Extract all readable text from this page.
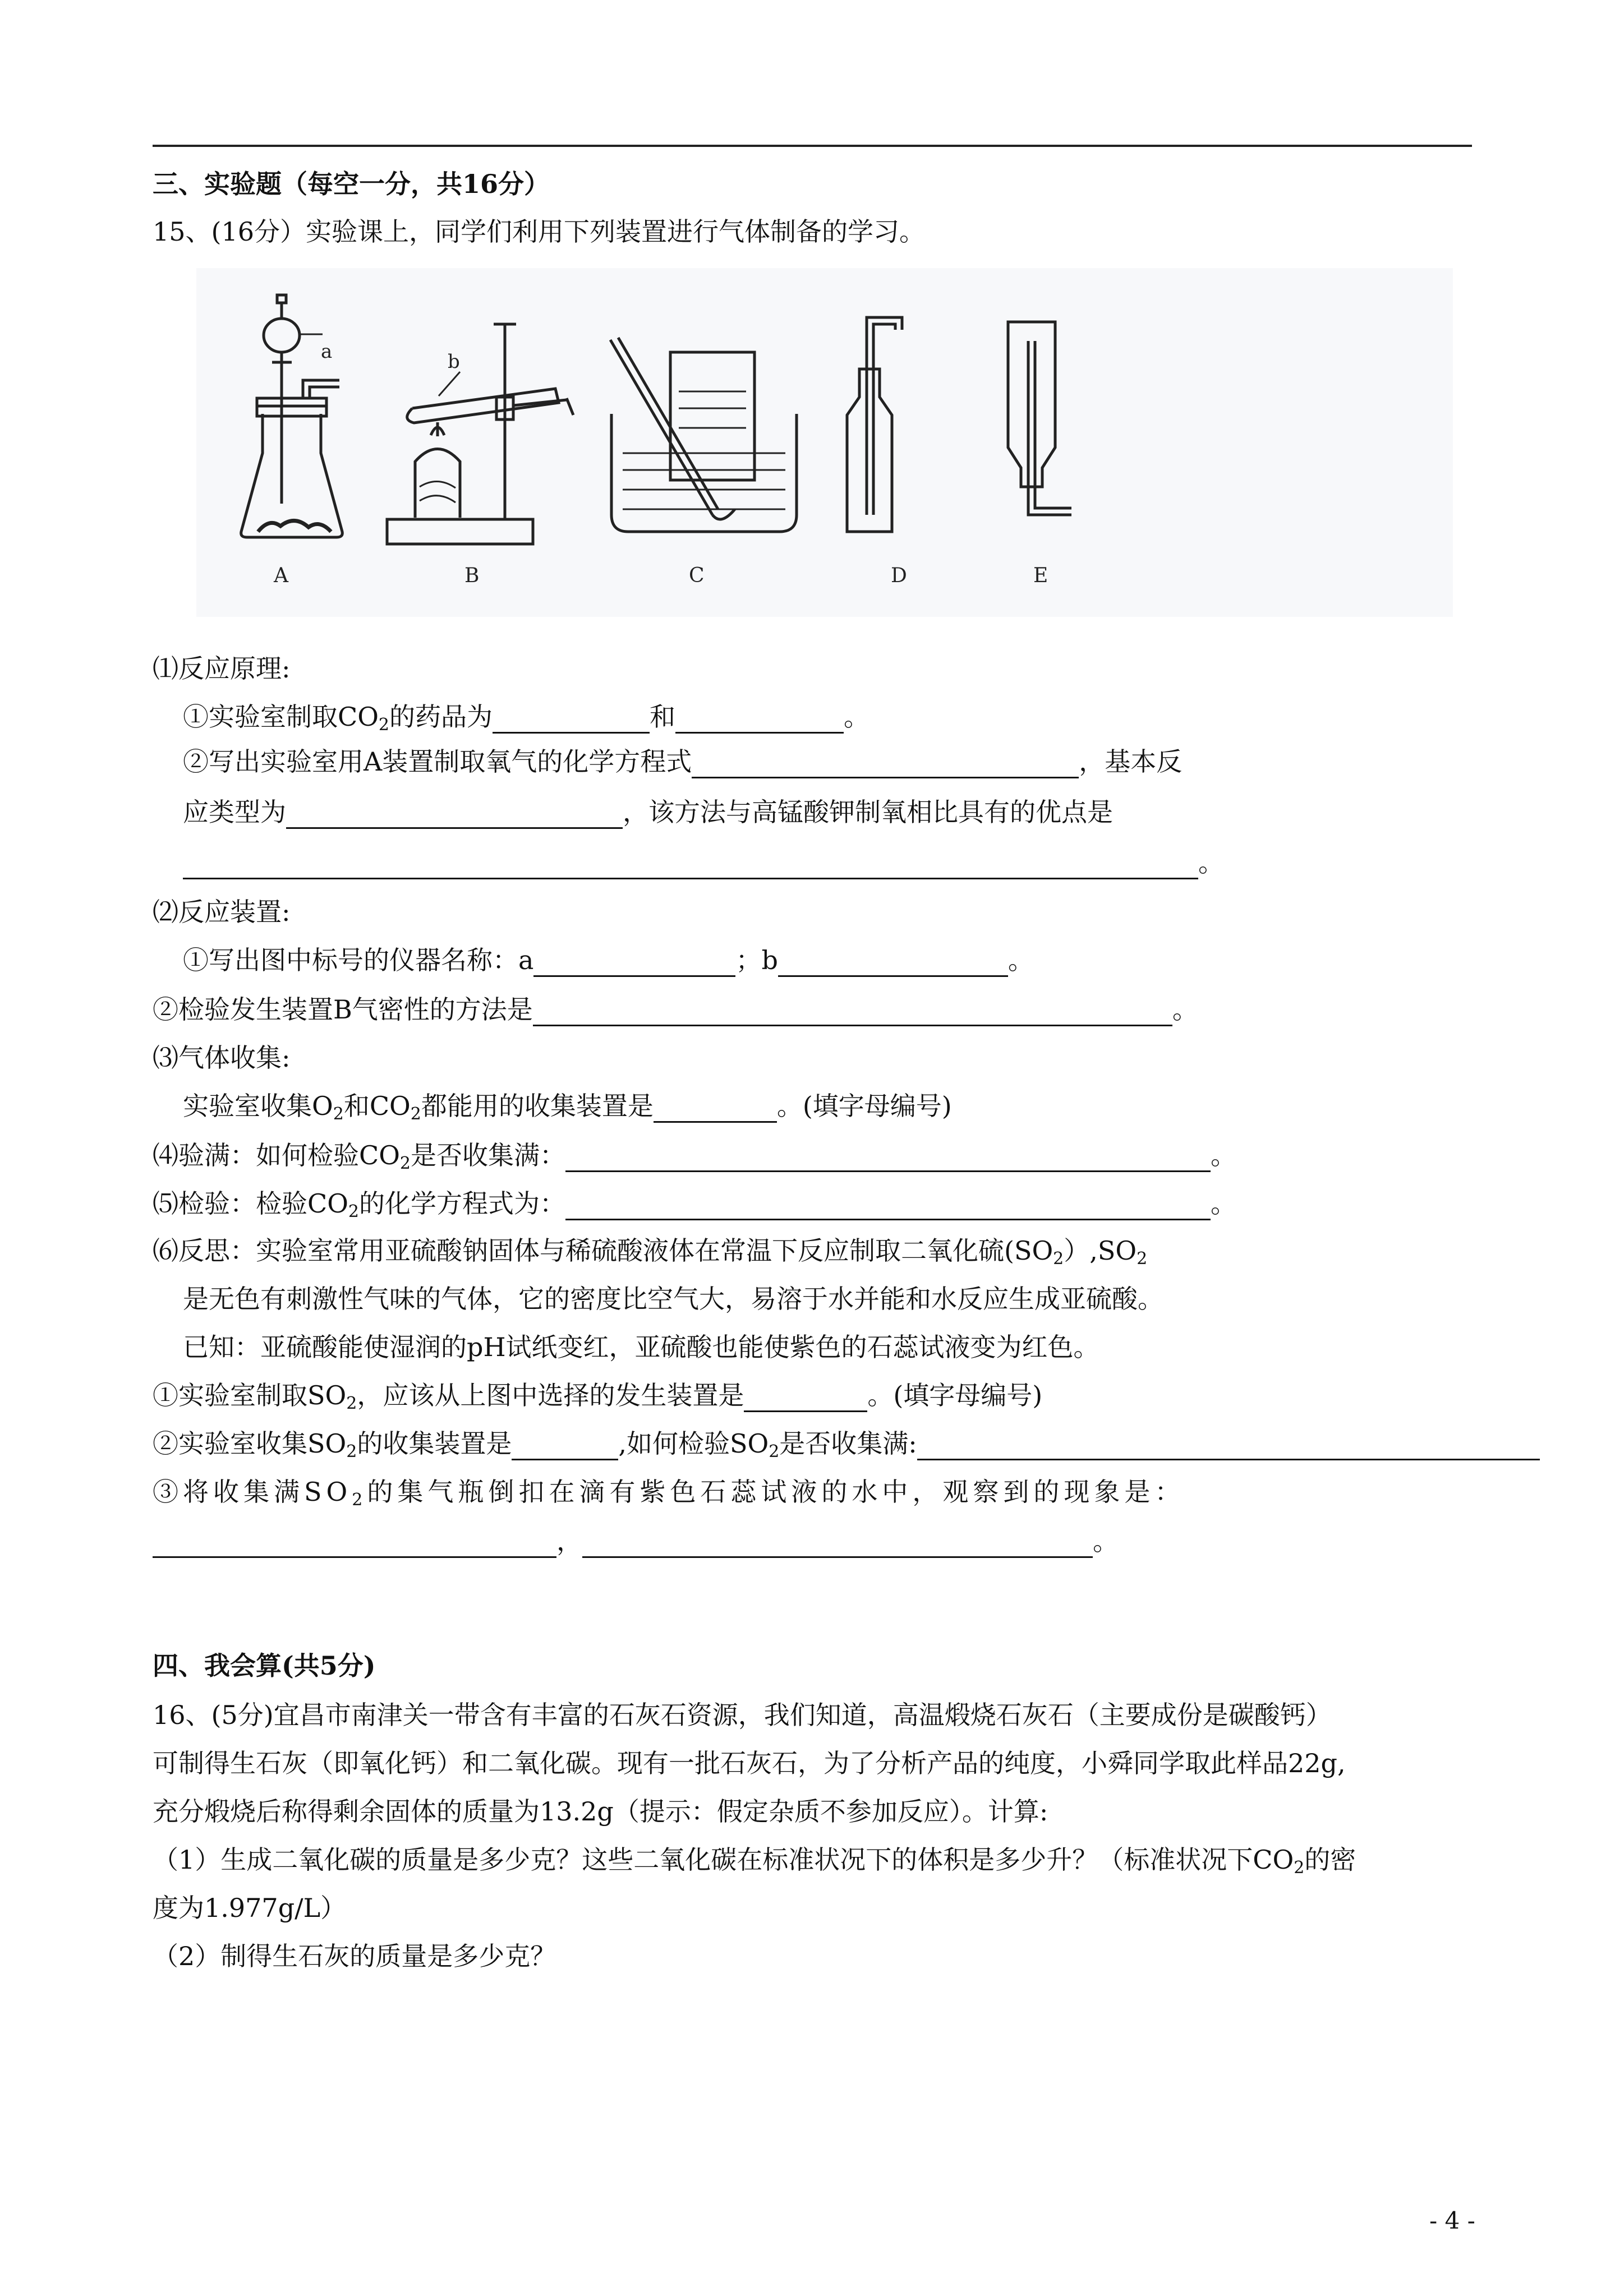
三、实验题（每空一分，共16分）
15、(16分）实验课上，同学们利用下列装置进行气体制备的学习。
a	b
A	B	C	D	E
⑴反应原理:
①实验室制取$CO_2$的药品为	和	。
②写出实验室用A装置制取氧气的化学方程式	，基本反
应类型为	，该方法与高锰酸钾制氧相比具有的优点是
。
⑵反应装置:
①写出图中标号的仪器名称：a	；b	。
②检验发生装置B气密性的方法是	。
⑶气体收集:
实验室收集$O_2$和$CO_2$都能用的收集装置是	。(填字母编号)
⑷验满：如何检验$CO_2$是否收集满：	。
⑸检验：检验$CO_2$的化学方程式为：	。
⑹反思：实验室常用亚硫酸钠固体与稀硫酸液体在常温下反应制取二氧化硫$(SO_2),SO_2$
是无色有刺激性气味的气体，它的密度比空气大，易溶于水并能和水反应生成亚硫酸。
已知：亚硫酸能使湿润的pH试纸变红，亚硫酸也能使紫色的石蕊试液变为红色。
①实验室制取$SO_2$，应该从上图中选择的发生装置是	。(填字母编号)
②实验室收集$SO_2$的收集装置是	,如何检验$SO_2$是否收集满:
③将收集满$SO_2$的集气瓶倒扣在滴有紫色石蕊试液的水中，观察到的现象是：
，	。
四、我会算(共5分)
16、(5分)宜昌市南津关一带含有丰富的石灰石资源，我们知道，高温煅烧石灰石（主要成份是碳酸钙）
可制得生石灰（即氧化钙）和二氧化碳。现有一批石灰石，为了分析产品的纯度，小舜同学取此样品22g,
充分煅烧后称得剩余固体的质量为13.2g（提示：假定杂质不参加反应）。计算:
（1）生成二氧化碳的质量是多少克？这些二氧化碳在标准状况下的体积是多少升？（标准状况下$CO_2$的密
度为1.977g/L）
（2）制得生石灰的质量是多少克？
- 4 -
